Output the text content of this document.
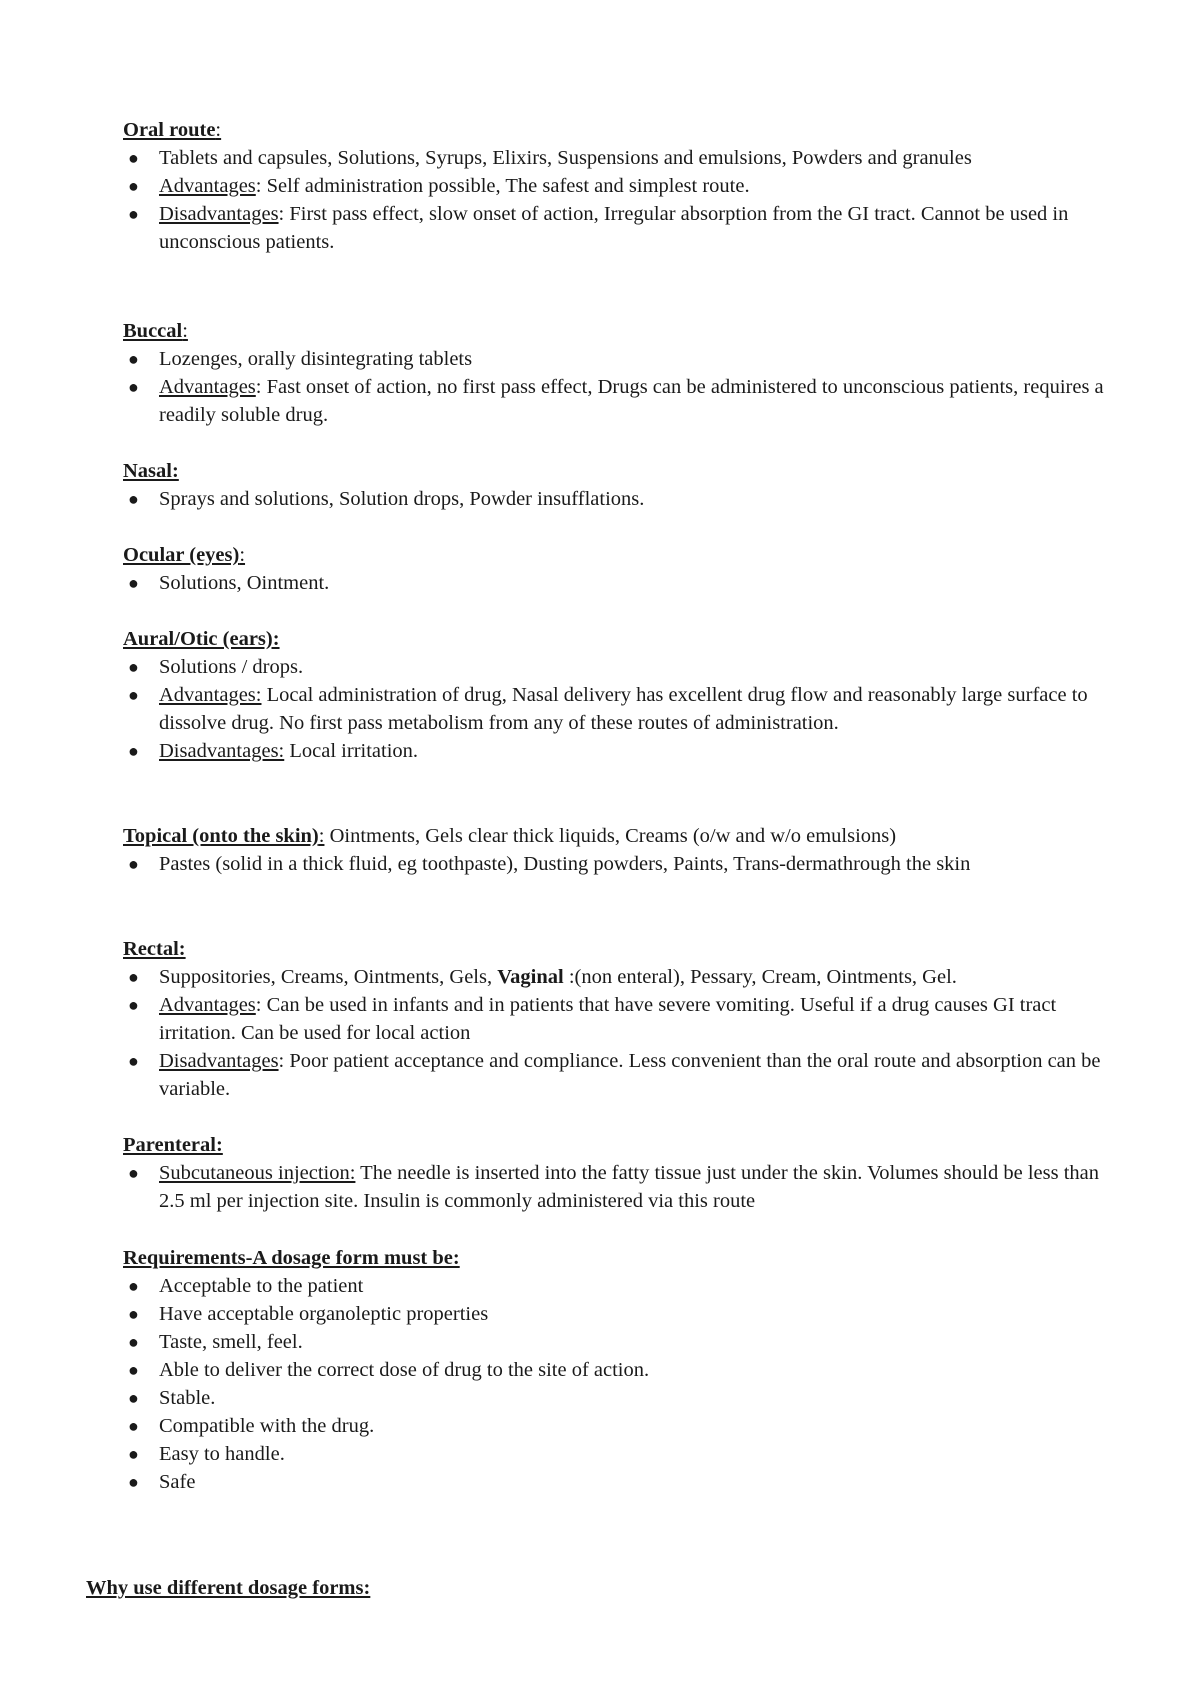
Oral route:
● Tablets and capsules, Solutions, Syrups, Elixirs, Suspensions and emulsions, Powders and granules
● Advantages: Self administration possible, The safest and simplest route.
● Disadvantages: First pass effect, slow onset of action, Irregular absorption from the GI tract. Cannot be used in unconscious patients.
Buccal:
● Lozenges, orally disintegrating tablets
● Advantages: Fast onset of action, no first pass effect, Drugs can be administered to unconscious patients, requires a readily soluble drug.
Nasal:
● Sprays and solutions, Solution drops, Powder insufflations.
Ocular (eyes):
● Solutions, Ointment.
Aural/Otic (ears):
● Solutions / drops.
● Advantages: Local administration of drug, Nasal delivery has excellent drug flow and reasonably large surface to dissolve drug. No first pass metabolism from any of these routes of administration.
● Disadvantages: Local irritation.
Topical (onto the skin): Ointments, Gels clear thick liquids, Creams (o/w and w/o emulsions)
● Pastes (solid in a thick fluid, eg toothpaste), Dusting powders, Paints, Trans-dermathrough the skin
Rectal:
● Suppositories, Creams, Ointments, Gels, Vaginal :(non enteral), Pessary, Cream, Ointments, Gel.
● Advantages: Can be used in infants and in patients that have severe vomiting. Useful if a drug causes GI tract irritation. Can be used for local action
● Disadvantages: Poor patient acceptance and compliance. Less convenient than the oral route and absorption can be variable.
Parenteral:
● Subcutaneous injection: The needle is inserted into the fatty tissue just under the skin. Volumes should be less than 2.5 ml per injection site. Insulin is commonly administered via this route
Requirements-A dosage form must be:
● Acceptable to the patient
● Have acceptable organoleptic properties
● Taste, smell, feel.
● Able to deliver the correct dose of drug to the site of action.
● Stable.
● Compatible with the drug.
● Easy to handle.
● Safe
Why use different dosage forms:
